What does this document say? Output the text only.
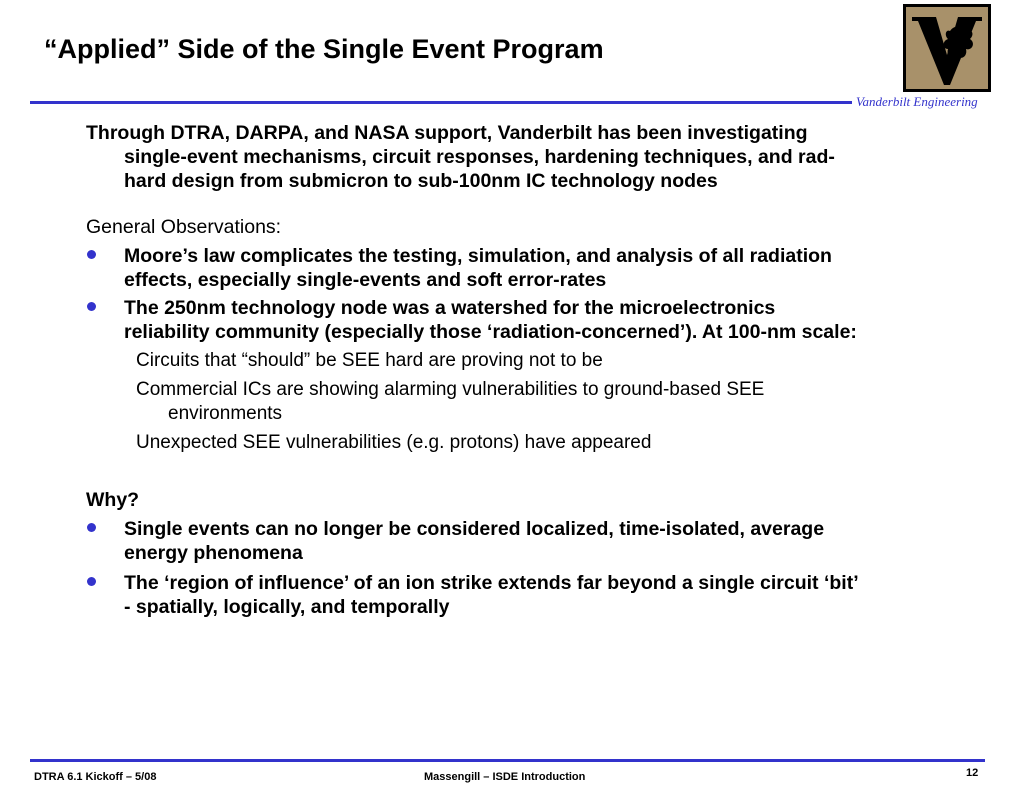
“Applied” Side of the Single Event Program
Vanderbilt Engineering
Through DTRA, DARPA, and NASA support, Vanderbilt has been investigating
single-event mechanisms, circuit responses, hardening techniques, and rad-
hard design from submicron to sub-100nm IC technology nodes
General Observations:
Moore’s law complicates the testing, simulation, and analysis of all radiation
effects, especially single-events and soft error-rates
The 250nm technology node was a watershed for the microelectronics
reliability community (especially those ‘radiation-concerned’). At 100-nm scale:
Circuits that “should” be SEE hard are proving not to be
Commercial ICs are showing alarming vulnerabilities to ground-based SEE
environments
Unexpected SEE vulnerabilities (e.g. protons) have appeared
Why?
Single events can no longer be considered localized, time-isolated, average
energy phenomena
The ‘region of influence’ of an ion strike extends far beyond a single circuit ‘bit’
- spatially, logically, and temporally
DTRA 6.1 Kickoff – 5/08	Massengill – ISDE Introduction	12
